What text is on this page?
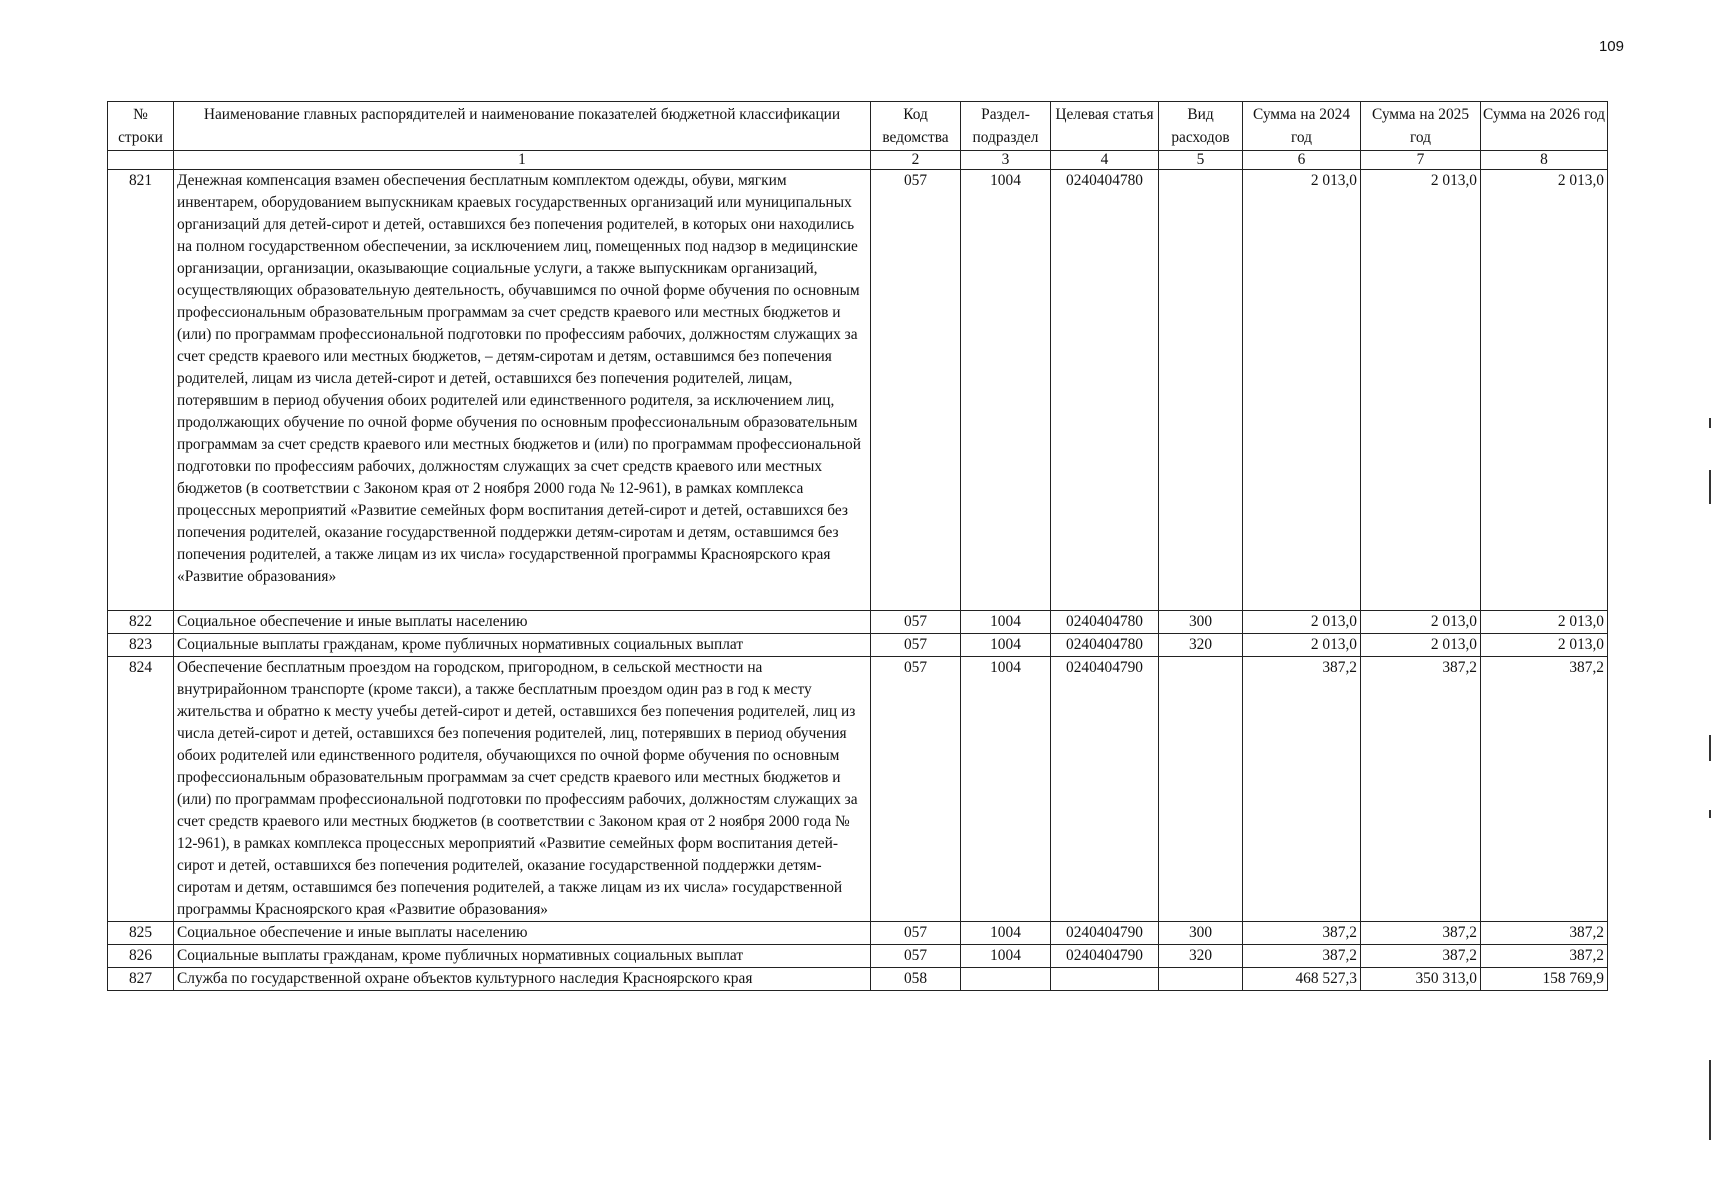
109
№ строки	Наименование главных распорядителей и наименование показателей бюджетной классификации	Код ведомства	Раздел-подраздел	Целевая статья	Вид расходов	Сумма на 2024 год	Сумма на 2025 год	Сумма на 2026 год
	1	2	3	4	5	6	7	8
821	Денежная компенсация взамен обеспечения бесплатным комплектом одежды, обуви, мягким инвентарем, оборудованием выпускникам краевых государственных организаций или муниципальных организаций для детей-сирот и детей, оставшихся без попечения родителей, в которых они находились на полном государственном обеспечении, за исключением лиц, помещенных под надзор в медицинские организации, организации, оказывающие социальные услуги, а также выпускникам организаций, осуществляющих образовательную деятельность, обучавшимся по очной форме обучения по основным профессиональным образовательным программам за счет средств краевого или местных бюджетов и (или) по программам профессиональной подготовки по профессиям рабочих, должностям служащих за счет средств краевого или местных бюджетов, – детям-сиротам и детям, оставшимся без попечения родителей, лицам из числа детей-сирот и детей, оставшихся без попечения родителей, лицам, потерявшим в период обучения обоих родителей или единственного родителя, за исключением лиц, продолжающих обучение по очной форме обучения по основным профессиональным образовательным программам за счет средств краевого или местных бюджетов и (или) по программам профессиональной подготовки по профессиям рабочих, должностям служащих за счет средств краевого или местных бюджетов (в соответствии с Законом края от 2 ноября 2000 года № 12-961), в рамках комплекса процессных мероприятий «Развитие семейных форм воспитания детей-сирот и детей, оставшихся без попечения родителей, оказание государственной поддержки детям-сиротам и детям, оставшимся без попечения родителей, а также лицам из их числа» государственной программы Красноярского края «Развитие образования»	057	1004	0240404780		2 013,0	2 013,0	2 013,0
822	Социальное обеспечение и иные выплаты населению	057	1004	0240404780	300	2 013,0	2 013,0	2 013,0
823	Социальные выплаты гражданам, кроме публичных нормативных социальных выплат	057	1004	0240404780	320	2 013,0	2 013,0	2 013,0
824	Обеспечение бесплатным проездом на городском, пригородном, в сельской местности на внутрирайонном транспорте (кроме такси), а также бесплатным проездом один раз в год к месту жительства и обратно к месту учебы детей-сирот и детей, оставшихся без попечения родителей, лиц из числа детей-сирот и детей, оставшихся без попечения родителей, лиц, потерявших в период обучения обоих родителей или единственного родителя, обучающихся по очной форме обучения по основным профессиональным образовательным программам за счет средств краевого или местных бюджетов и (или) по программам профессиональной подготовки по профессиям рабочих, должностям служащих за счет средств краевого или местных бюджетов (в соответствии с Законом края от 2 ноября 2000 года № 12-961), в рамках комплекса процессных мероприятий «Развитие семейных форм воспитания детей-сирот и детей, оставшихся без попечения родителей, оказание государственной поддержки детям-сиротам и детям, оставшимся без попечения родителей, а также лицам из их числа» государственной программы Красноярского края «Развитие образования»	057	1004	0240404790		387,2	387,2	387,2
825	Социальное обеспечение и иные выплаты населению	057	1004	0240404790	300	387,2	387,2	387,2
826	Социальные выплаты гражданам, кроме публичных нормативных социальных выплат	057	1004	0240404790	320	387,2	387,2	387,2
827	Служба по государственной охране объектов культурного наследия Красноярского края	058				468 527,3	350 313,0	158 769,9
